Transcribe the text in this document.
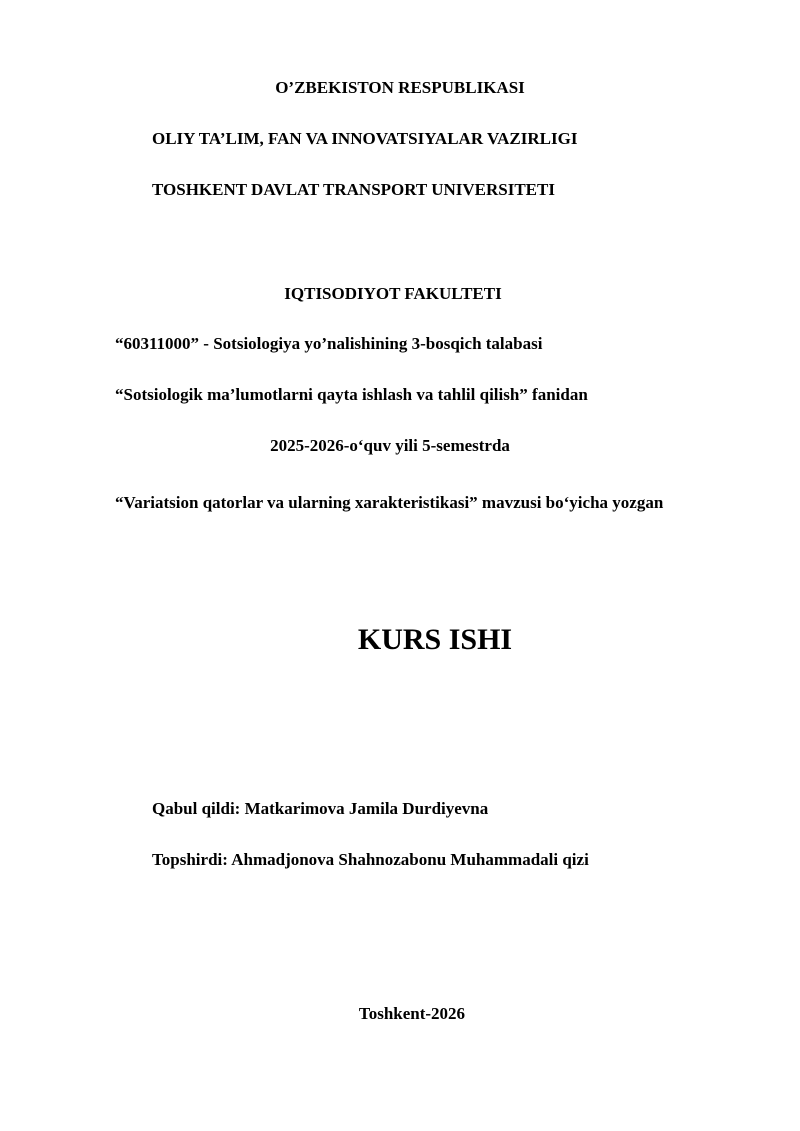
O’ZBEKISTON RESPUBLIKASI
OLIY TA’LIM, FAN VA INNOVATSIYALAR VAZIRLIGI
TOSHKENT DAVLAT TRANSPORT UNIVERSITETI
IQTISODIYOT FAKULTETI
“60311000” - Sotsiologiya yo’nalishining 3-bosqich talabasi
“Sotsiologik ma’lumotlarni qayta ishlash va tahlil qilish” fanidan
2025-2026-o‘quv yili 5-semestrda
“Variatsion qatorlar va ularning xarakteristikasi” mavzusi bo‘yicha yozgan
KURS ISHI
Qabul qildi: Matkarimova Jamila Durdiyevna
Topshirdi: Ahmadjonova Shahnozabonu Muhammadali qizi
Toshkent-2026
